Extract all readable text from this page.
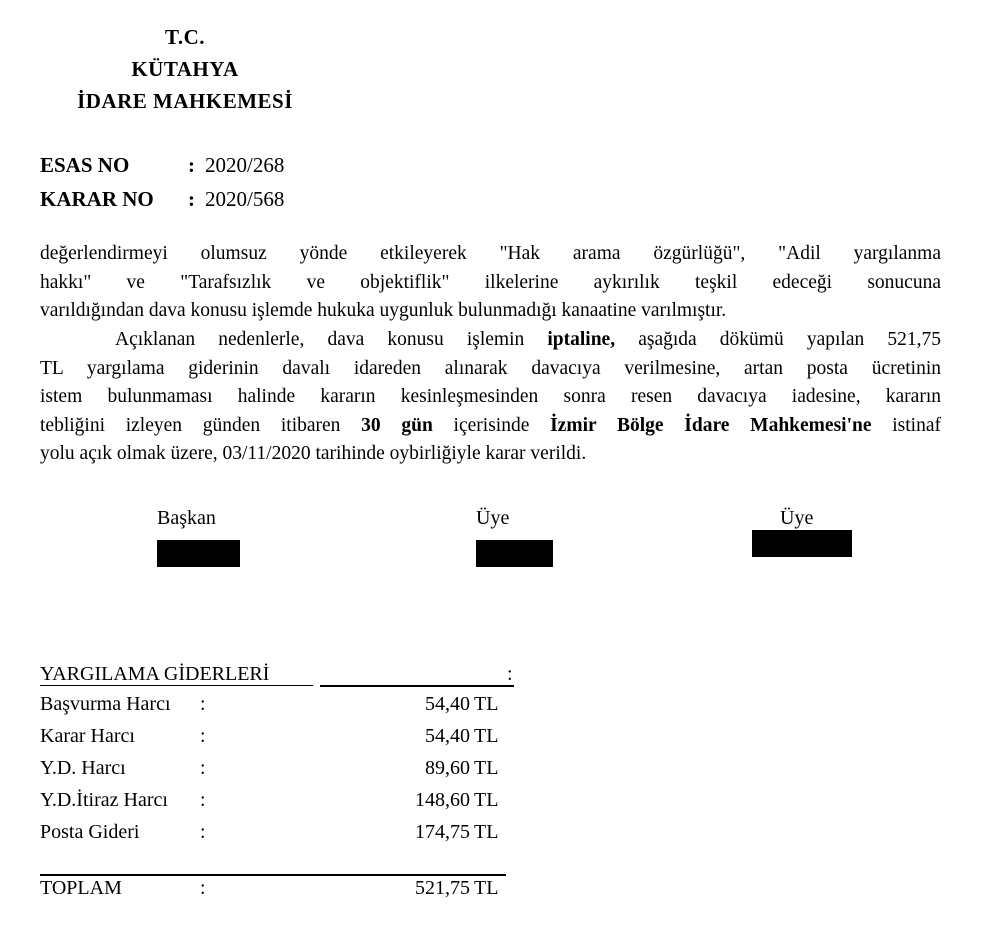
T.C.
KÜTAHYA
İDARE MAHKEMESİ
ESAS NO	: 2020/268
KARAR NO : 2020/568
değerlendirmeyi olumsuz yönde etkileyerek "Hak arama özgürlüğü", "Adil yargılanma
hakkı" ve "Tarafsızlık ve objektiflik" ilkelerine aykırılık teşkil edeceği sonucuna
varıldığından dava konusu işlemde hukuka uygunluk bulunmadığı kanaatine varılmıştır.
Açıklanan nedenlerle, dava konusu işlemin iptaline, aşağıda dökümü yapılan 521,75
TL yargılama giderinin davalı idareden alınarak davacıya verilmesine, artan posta ücretinin
istem bulunmaması halinde kararın kesinleşmesinden sonra resen davacıya iadesine, kararın
tebliğini izleyen günden itibaren 30 gün içerisinde İzmir Bölge İdare Mahkemesi'ne istinaf
yolu açık olmak üzere, 03/11/2020 tarihinde oybirliğiyle karar verildi.
Başkan	Üye	Üye
YARGILAMA GİDERLERİ	:
Başvurma Harcı :	54,40 TL
Karar Harcı	:	54,40 TL
Y.D. Harcı	:	89,60 TL
Y.D.İtiraz Harcı :	148,60 TL
Posta Gideri	:	174,75 TL
TOPLAM	:	521,75 TL
